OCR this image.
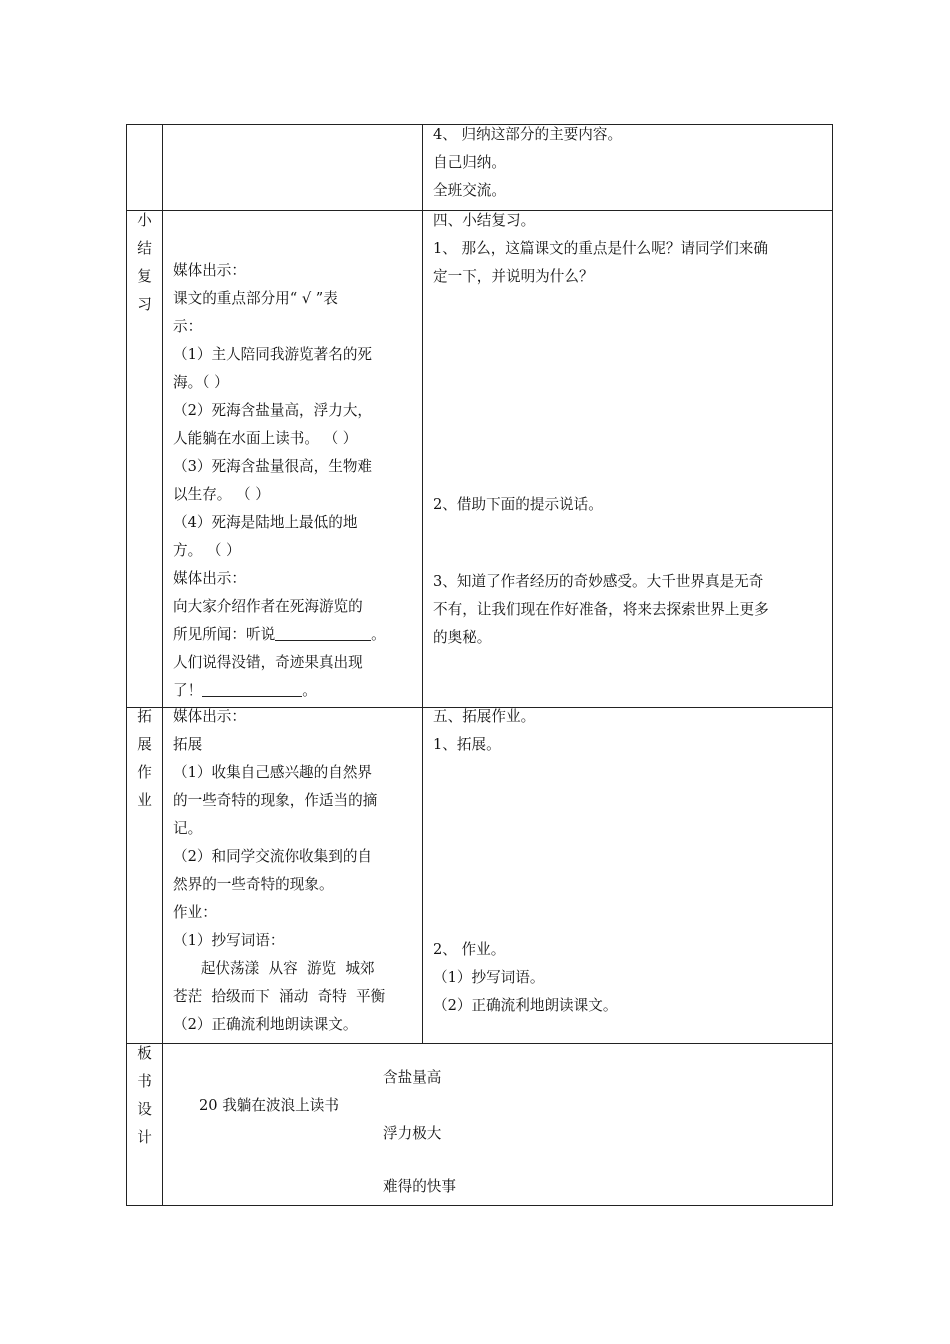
4、 归纳这部分的主要内容。
自己归纳。
全班交流。
小
结
复
习
媒体出示：
课文的重点部分用“ √ ”表
示：
（1）主人陪同我游览著名的死
海。（ ）
（2）死海含盐量高，浮力大，
人能躺在水面上读书。 （ ）
（3）死海含盐量很高，生物难
以生存。 （ ）
（4）死海是陆地上最低的地
方。 （ ）
媒体出示：
向大家介绍作者在死海游览的
所见所闻：听说	。
人们说得没错，奇迹果真出现
了！	。
四、小结复习。
1、 那么，这篇课文的重点是什么呢？请同学们来确
定一下，并说明为什么？
2、借助下面的提示说话。
3、知道了作者经历的奇妙感受。大千世界真是无奇
不有，让我们现在作好准备，将来去探索世界上更多
的奥秘。
拓
展
作
业
媒体出示：
拓展
（1）收集自己感兴趣的自然界
的一些奇特的现象，作适当的摘
记。
（2）和同学交流你收集到的自
然界的一些奇特的现象。
作业：
（1）抄写词语：
起伏荡漾  从容  游览  城郊
苍茫  拾级而下  涌动  奇特  平衡
（2）正确流利地朗读课文。
五、拓展作业。
1、拓展。
2、 作业。
（1）抄写词语。
（2）正确流利地朗读课文。
板
书
设
计
20 我躺在波浪上读书
含盐量高
浮力极大
难得的快事
